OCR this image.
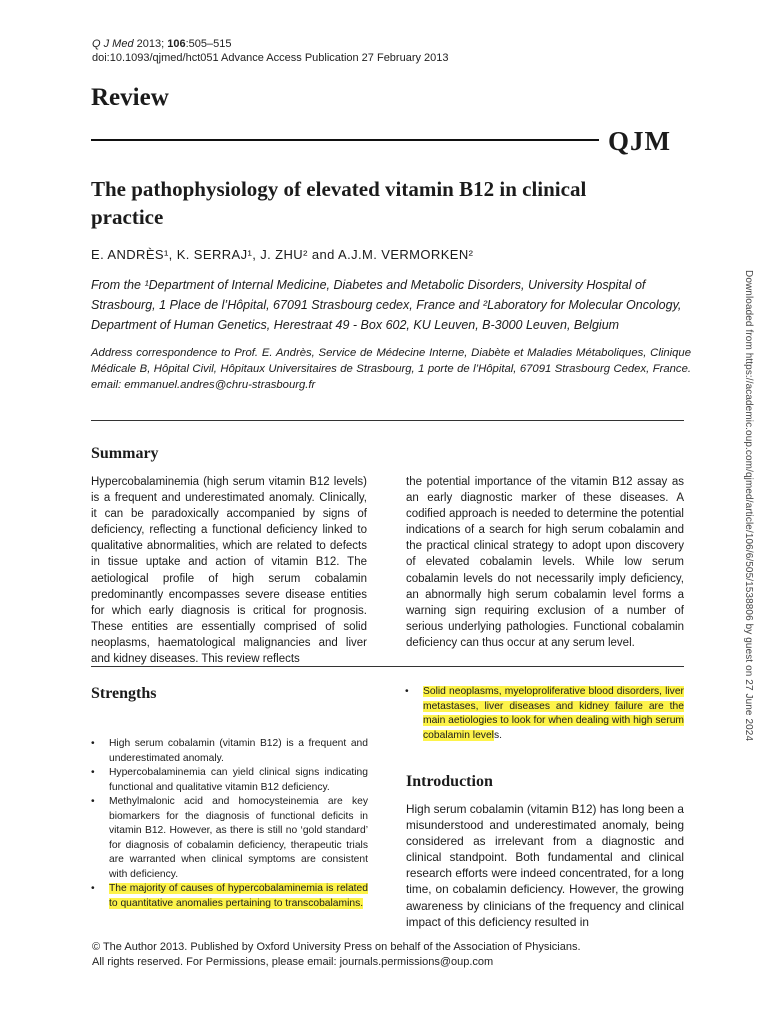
Q J Med 2013; 106:505–515
doi:10.1093/qjmed/hct051 Advance Access Publication 27 February 2013
Review
QJM
The pathophysiology of elevated vitamin B12 in clinical practice
E. ANDRÈS¹, K. SERRAJ¹, J. ZHU² and A.J.M. VERMORKEN²
From the ¹Department of Internal Medicine, Diabetes and Metabolic Disorders, University Hospital of Strasbourg, 1 Place de l’Hôpital, 67091 Strasbourg cedex, France and ²Laboratory for Molecular Oncology, Department of Human Genetics, Herestraat 49 - Box 602, KU Leuven, B-3000 Leuven, Belgium
Address correspondence to Prof. E. Andrès, Service de Médecine Interne, Diabète et Maladies Métaboliques, Clinique Médicale B, Hôpital Civil, Hôpitaux Universitaires de Strasbourg, 1 porte de l’Hôpital, 67091 Strasbourg Cedex, France. email: emmanuel.andres@chru-strasbourg.fr
Summary
Hypercobalaminemia (high serum vitamin B12 levels) is a frequent and underestimated anomaly. Clinically, it can be paradoxically accompanied by signs of deficiency, reflecting a functional deficiency linked to qualitative abnormalities, which are related to defects in tissue uptake and action of vitamin B12. The aetiological profile of high serum cobalamin predominantly encompasses severe disease entities for which early diagnosis is critical for prognosis. These entities are essentially comprised of solid neoplasms, haematological malignancies and liver and kidney diseases. This review reflects
the potential importance of the vitamin B12 assay as an early diagnostic marker of these diseases. A codified approach is needed to determine the potential indications of a search for high serum cobalamin and the practical clinical strategy to adopt upon discovery of elevated cobalamin levels. While low serum cobalamin levels do not necessarily imply deficiency, an abnormally high serum cobalamin level forms a warning sign requiring exclusion of a number of serious underlying pathologies. Functional cobalamin deficiency can thus occur at any serum level.
Strengths
• High serum cobalamin (vitamin B12) is a frequent and underestimated anomaly.
• Hypercobalaminemia can yield clinical signs indicating functional and qualitative vitamin B12 deficiency.
• Methylmalonic acid and homocysteinemia are key biomarkers for the diagnosis of functional deficits in vitamin B12. However, as there is still no ‘gold standard’ for diagnosis of cobalamin deficiency, therapeutic trials are warranted when clinical symptoms are consistent with deficiency.
• The majority of causes of hypercobalaminemia is related to quantitative anomalies pertaining to transcobalamins.
• Solid neoplasms, myeloproliferative blood disorders, liver metastases, liver diseases and kidney failure are the main aetiologies to look for when dealing with high serum cobalamin levels.
Introduction
High serum cobalamin (vitamin B12) has long been a misunderstood and underestimated anomaly, being considered as irrelevant from a diagnostic and clinical standpoint. Both fundamental and clinical research efforts were indeed concentrated, for a long time, on cobalamin deficiency. However, the growing awareness by clinicians of the frequency and clinical impact of this deficiency resulted in
© The Author 2013. Published by Oxford University Press on behalf of the Association of Physicians.
All rights reserved. For Permissions, please email: journals.permissions@oup.com
Downloaded from https://academic.oup.com/qjmed/article/106/6/505/1538806 by guest on 27 June 2024
